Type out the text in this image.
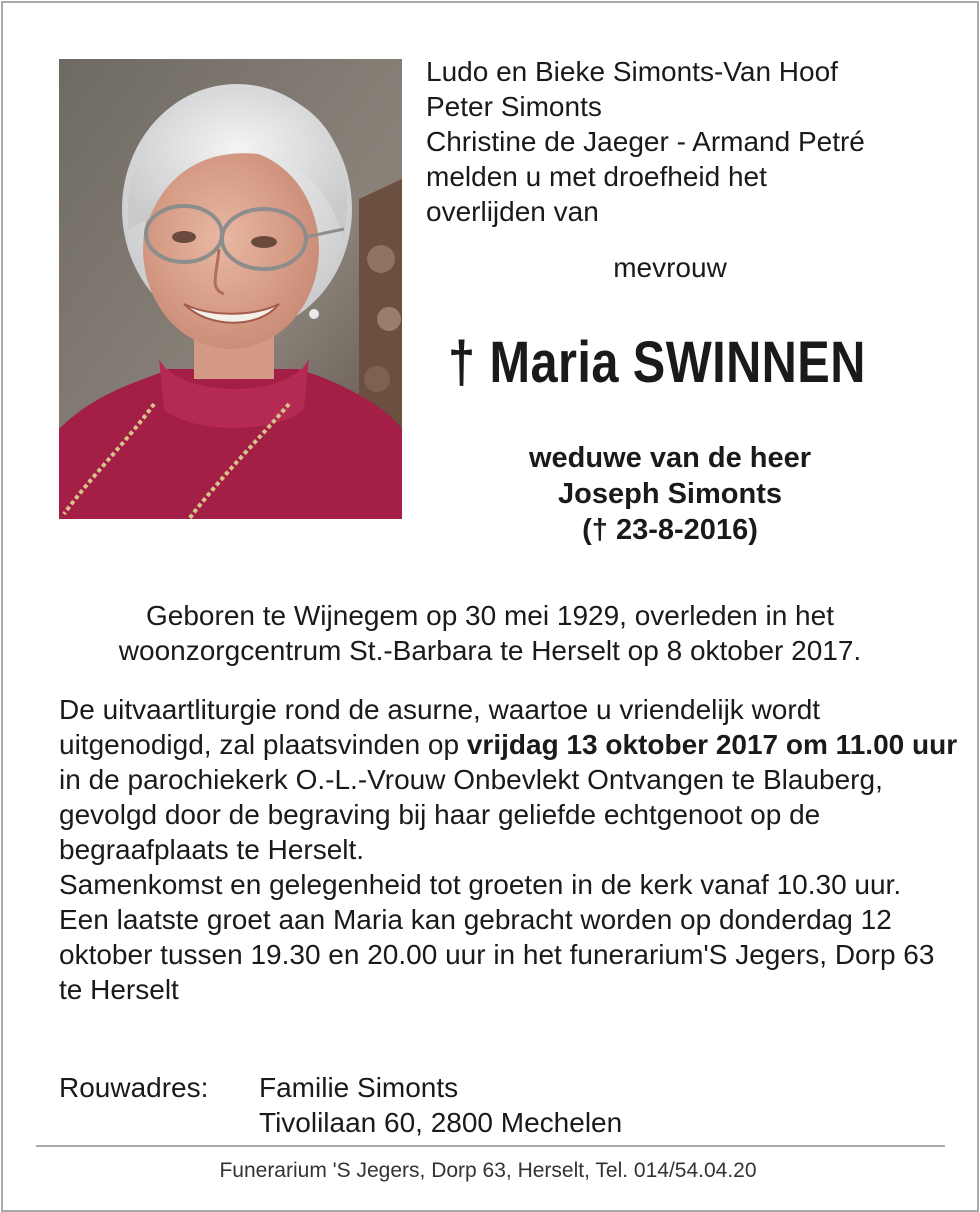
Ludo en Bieke Simonts-Van Hoof
Peter Simonts
Christine de Jaeger - Armand Petré
melden u met droefheid het
overlijden van
mevrouw
† Maria SWINNEN
weduwe van de heer
Joseph Simonts
(† 23-8-2016)
Geboren te Wijnegem op 30 mei 1929, overleden in het
woonzorgcentrum St.-Barbara te Herselt op 8 oktober 2017.
De uitvaartliturgie rond de asurne, waartoe u vriendelijk wordt uitgenodigd, zal plaatsvinden op vrijdag 13 oktober 2017 om 11.00 uur in de parochiekerk O.-L.-Vrouw Onbevlekt Ontvangen te Blauberg, gevolgd door de begraving bij haar geliefde echtgenoot op de begraafplaats te Herselt.
Samenkomst en gelegenheid tot groeten in de kerk vanaf 10.30 uur.
Een laatste groet aan Maria kan gebracht worden op donderdag 12 oktober tussen 19.30 en 20.00 uur in het funerarium'S Jegers, Dorp 63 te Herselt
Rouwadres: Familie Simonts
Tivolilaan 60, 2800 Mechelen
Funerarium 'S Jegers, Dorp 63, Herselt, Tel. 014/54.04.20
